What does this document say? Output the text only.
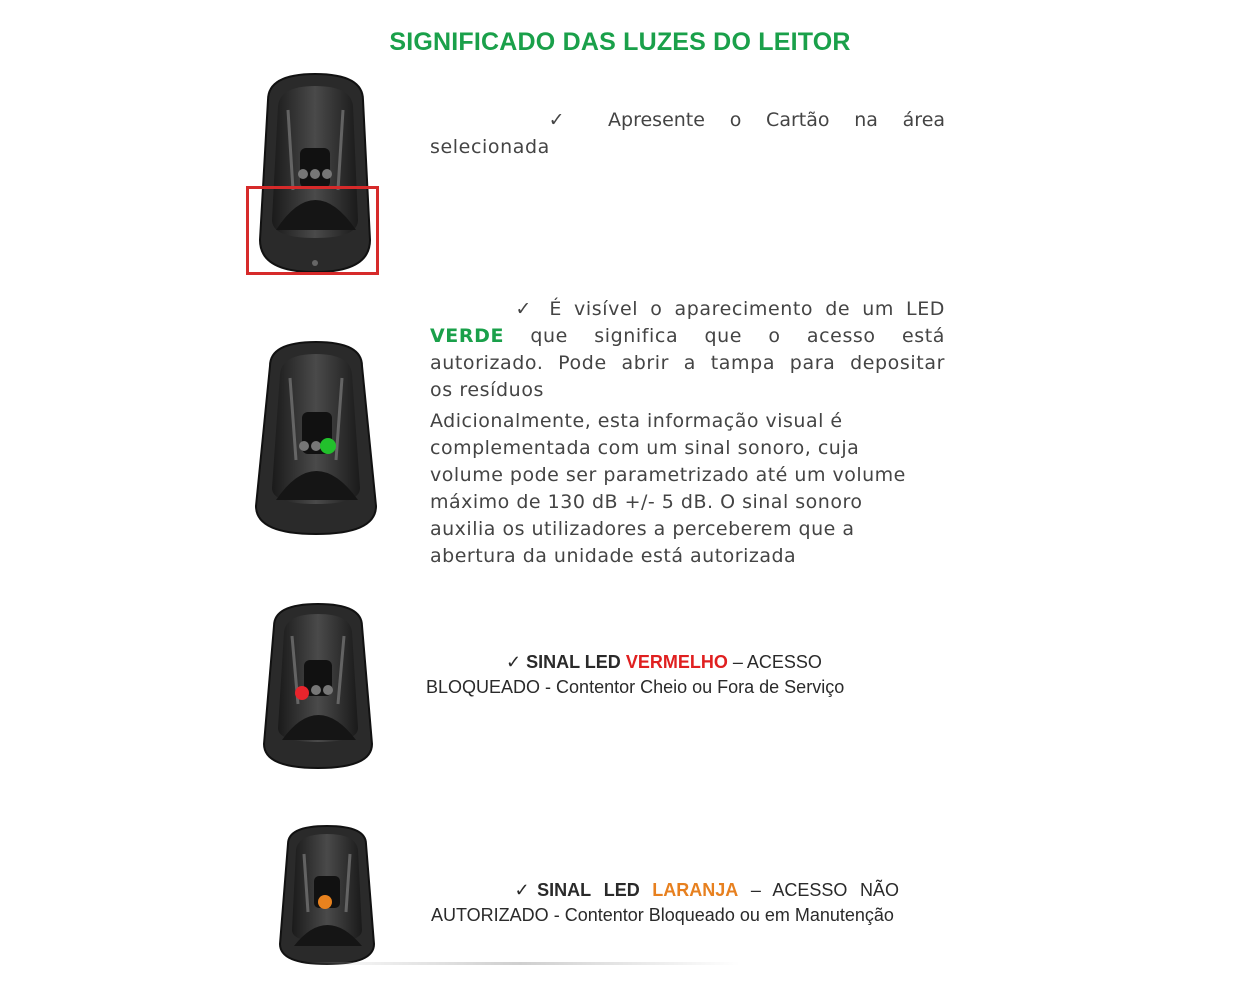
SIGNIFICADO DAS LUZES DO LEITOR
✓ Apresente o Cartão na área
selecionada
✓ É visível o aparecimento de um LED
VERDE que significa que o acesso está
autorizado. Pode abrir a tampa para depositar
os resíduos
Adicionalmente, esta informação visual é
complementada com um sinal sonoro, cuja
volume pode ser parametrizado até um volume
máximo de 130 dB +/- 5 dB. O sinal sonoro
auxilia os utilizadores a perceberem que a
abertura da unidade está autorizada
✓ SINAL LED VERMELHO – ACESSO
BLOQUEADO - Contentor Cheio ou Fora de Serviço
✓SINAL LED LARANJA – ACESSO NÃO
AUTORIZADO - Contentor Bloqueado ou em Manutenção
